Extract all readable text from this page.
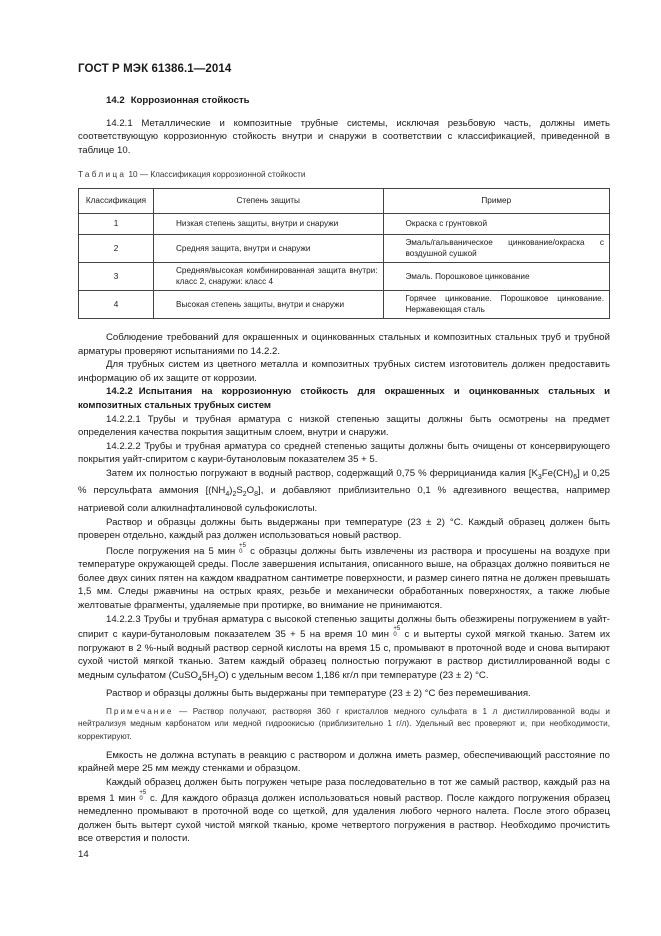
ГОСТ Р МЭК 61386.1—2014
14.2 Коррозионная стойкость

14.2.1 Металлические и композитные трубные системы, исключая резьбовую часть, должны иметь соответствующую коррозионную стойкость внутри и снаружи в соответствии с классификацией, приведенной в таблице 10.

Таблица 10 — Классификация коррозионной стойкости

Классификация	Степень защиты	Пример
1	Низкая степень защиты, внутри и снаружи	Окраска с грунтовкой
2	Средняя защита, внутри и снаружи	Эмаль/гальваническое цинкование/окраска с воздушной сушкой
3	Средняя/высокая комбинированная защита внутри: класс 2, снаружи: класс 4	Эмаль. Порошковое цинкование
4	Высокая степень защиты, внутри и снаружи	Горячее цинкование. Порошковое цинкование. Нержавеющая сталь

Соблюдение требований для окрашенных и оцинкованных стальных и композитных стальных труб и трубной арматуры проверяют испытаниями по 14.2.2.

Для трубных систем из цветного металла и композитных трубных систем изготовитель должен предоставить информацию об их защите от коррозии.

14.2.2 Испытания на коррозионную стойкость для окрашенных и оцинкованных стальных и композитных стальных трубных систем

14.2.2.1 Трубы и трубная арматура с низкой степенью защиты должны быть осмотрены на предмет определения качества покрытия защитным слоем, внутри и снаружи.

14.2.2.2 Трубы и трубная арматура со средней степенью защиты должны быть очищены от консервирующего покрытия уайт-спиритом с каури-бутаноловым показателем 35 + 5.

Затем их полностью погружают в водный раствор, содержащий 0,75 % феррицианида калия $[K_3Fe(CH)_6]$ и 0,25 % персульфата аммония $[(NH_4)_2S_2O_8]$, и добавляют приблизительно 0,1 % адгезивного вещества, например натриевой соли алкилнафталиновой сульфокислоты.

Раствор и образцы должны быть выдержаны при температуре (23 ± 2) °С. Каждый образец должен быть проверен отдельно, каждый раз должен использоваться новый раствор.

После погружения на 5 мин +5
0 с образцы должны быть извлечены из раствора и просушены на воздухе при температуре окружающей среды. После завершения испытания, описанного выше, на образцах должно появиться не более двух синих пятен на каждом квадратном сантиметре поверхности, и размер синего пятна не должен превышать 1,5 мм. Следы ржавчины на острых краях, резьбе и механически обработанных поверхностях, а также любые желтоватые фрагменты, удаляемые при протирке, во внимание не принимаются.

14.2.2.3 Трубы и трубная арматура с высокой степенью защиты должны быть обезжирены погружением в уайт-спирит с каури-бутаноловым показателем 35 + 5 на время 10 мин +5
0 с и вытерты сухой мягкой тканью. Затем их погружают в 2 %-ный водный раствор серной кислоты на время 15 с, промывают в проточной воде и снова вытирают сухой чистой мягкой тканью. Затем каждый образец полностью погружают в раствор дистиллированной воды с медным сульфатом $(CuSO_45H_2O)$ с удельным весом 1,186 кг/л при температуре (23 ± 2) °С.

Раствор и образцы должны быть выдержаны при температуре (23 ± 2) °С без перемешивания.

Примечание — Раствор получают, растворяя 360 г кристаллов медного сульфата в 1 л дистиллированной воды и нейтрализуя медным карбонатом или медной гидроокисью (приблизительно 1 г/л). Удельный вес проверяют и, при необходимости, корректируют.

Емкость не должна вступать в реакцию с раствором и должна иметь размер, обеспечивающий расстояние по крайней мере 25 мм между стенками и образцом.

Каждый образец должен быть погружен четыре раза последовательно в тот же самый раствор, каждый раз на время 1 мин +5
0 с. Для каждого образца должен использоваться новый раствор. После каждого погружения образец немедленно промывают в проточной воде со щеткой, для удаления любого черного налета. После этого образец должен быть вытерт сухой чистой мягкой тканью, кроме четвертого погружения в раствор. Необходимо прочистить все отверстия и полости.

14
